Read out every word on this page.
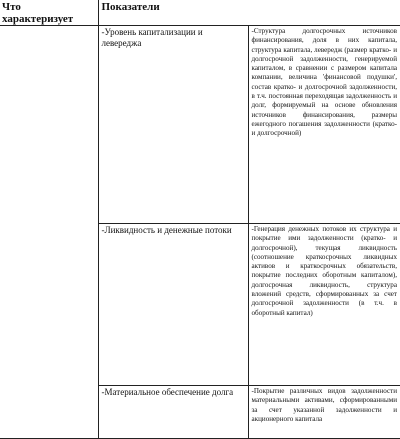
Что характеризует	Показатели	
	-Уровень капитализации и левереджа	-Структура долгосрочных источников финансирования, доля в них капитала, структура капитала, левередж (размер кратко- и долгосрочной задолженности, генерируемой капиталом, в сравнении с размером капитала компании, величина 'финансовой подушки', состав кратко- и долгосрочной задолженности, в т.ч. постоянная переходящая задолженность и долг, формируемый на основе обновления источников финансирования, размеры ежегодного погашения задолженности (кратко- и долгосрочной)
	-Ликвидность и денежные потоки	-Генерация денежных потоков их структура и покрытие ими задолженности (кратко- и долгосрочной), текущая ликвидность (соотношение краткосрочных ликвидных активов и краткосрочных обязательств, покрытие последних оборотным капиталом), долгосрочная ликвидность, структура вложений средств, сформированных за счет долгосрочной задолженности (в т.ч. в оборотный капитал)
	-Материальное обеспечение долга	-Покрытие различных видов задолженности материальными активами, сформированными за счет указанной задолженности и акционерного капитала
